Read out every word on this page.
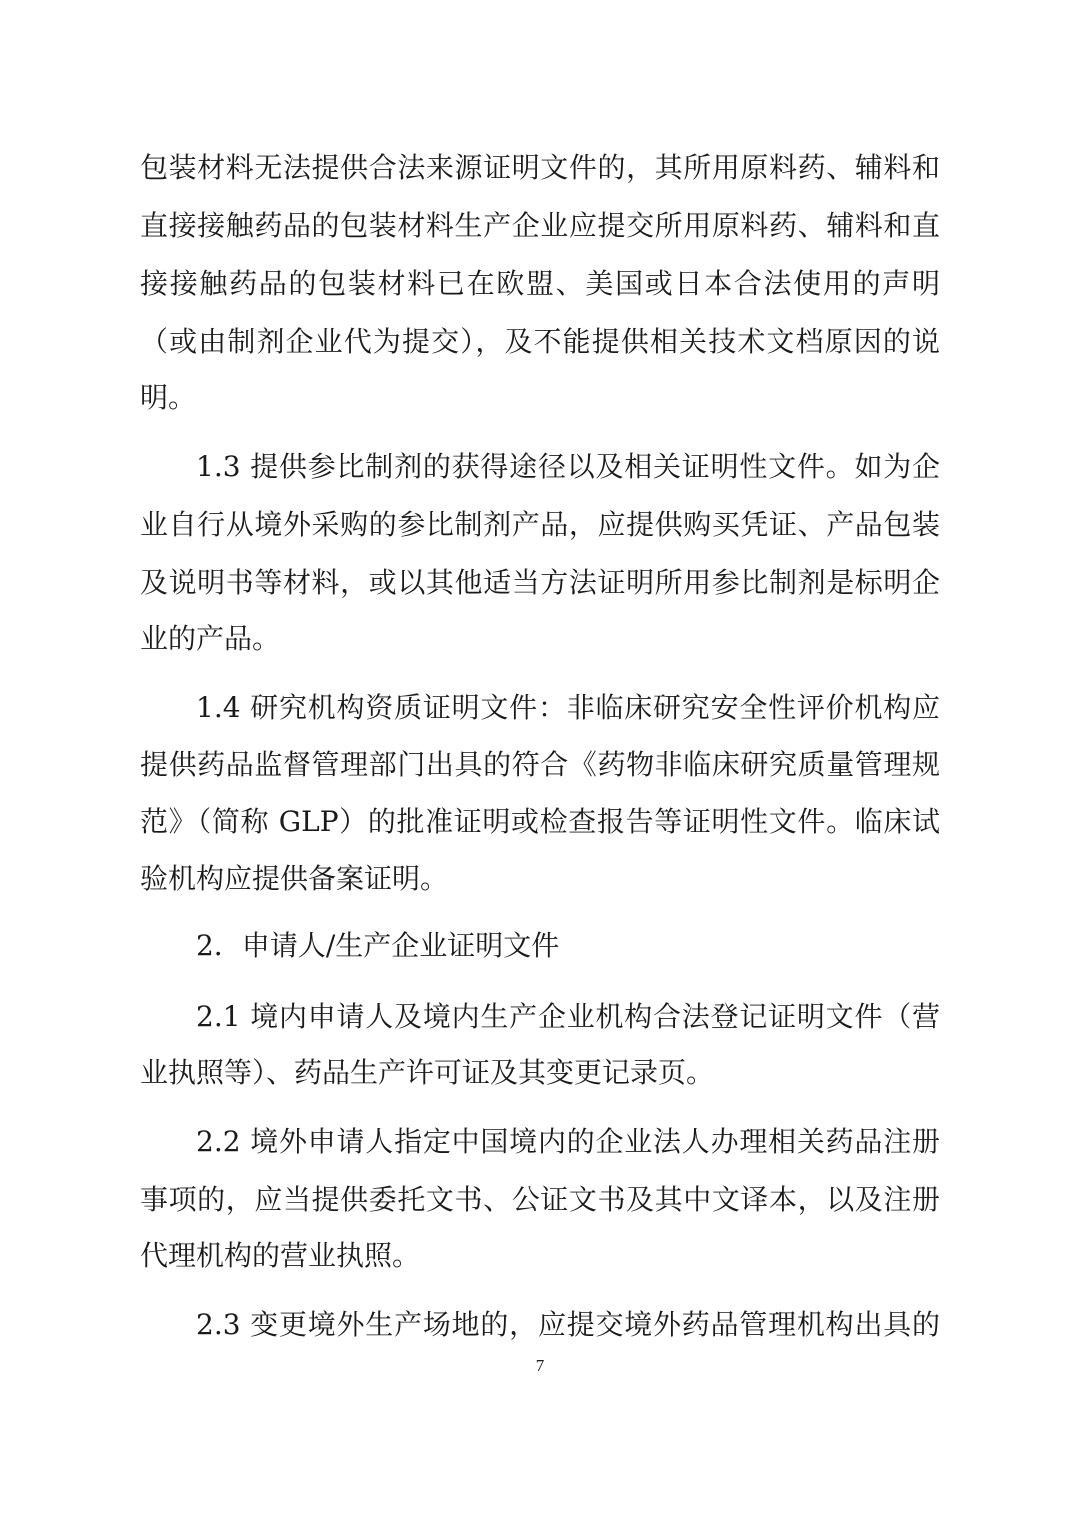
包装材料无法提供合法来源证明文件的，其所用原料药、辅料和

直接接触药品的包装材料生产企业应提交所用原料药、辅料和直

接接触药品的包装材料已在欧盟、美国或日本合法使用的声明

（或由制剂企业代为提交），及不能提供相关技术文档原因的说

明。

1.3 提供参比制剂的获得途径以及相关证明性文件。如为企

业自行从境外采购的参比制剂产品，应提供购买凭证、产品包装

及说明书等材料，或以其他适当方法证明所用参比制剂是标明企

业的产品。

1.4 研究机构资质证明文件：非临床研究安全性评价机构应

提供药品监督管理部门出具的符合《药物非临床研究质量管理规

范》（简称 GLP）的批准证明或检查报告等证明性文件。临床试

验机构应提供备案证明。

2．申请人/生产企业证明文件

2.1 境内申请人及境内生产企业机构合法登记证明文件（营

业执照等）、药品生产许可证及其变更记录页。

2.2 境外申请人指定中国境内的企业法人办理相关药品注册

事项的，应当提供委托文书、公证文书及其中文译本，以及注册

代理机构的营业执照。

2.3 变更境外生产场地的，应提交境外药品管理机构出具的

7
